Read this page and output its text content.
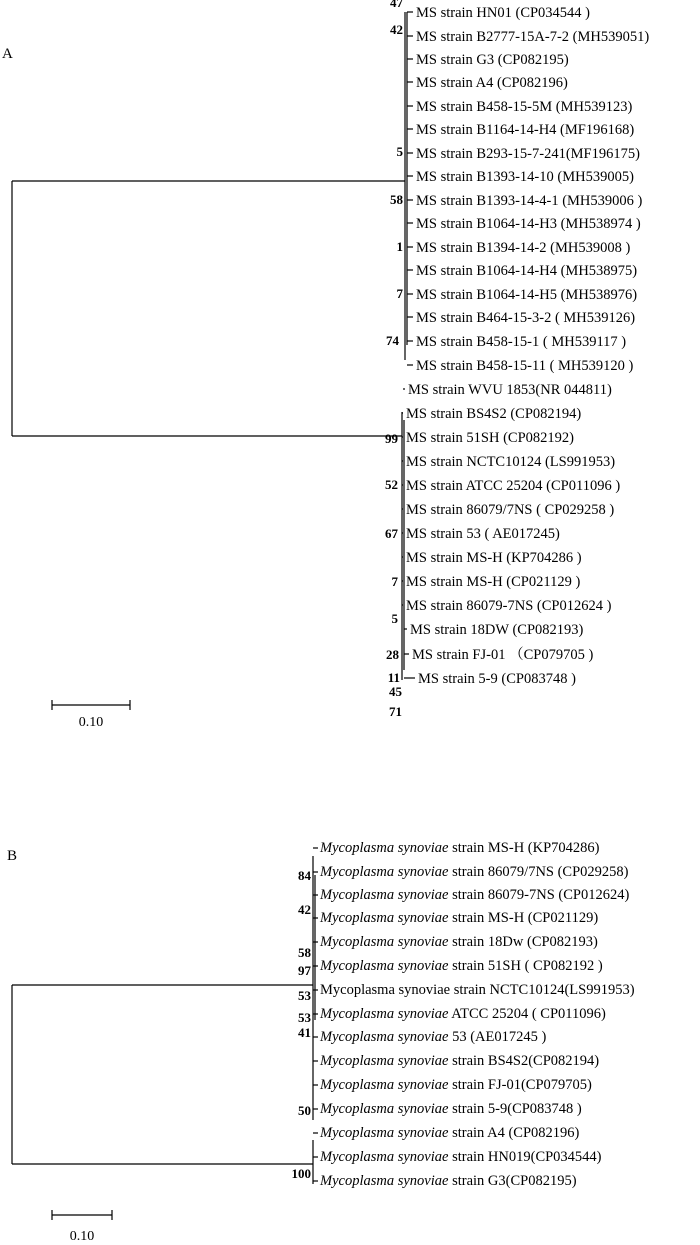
A
MS strain HN01 (CP034544 )
MS strain B2777-15A-7-2 (MH539051)
MS strain G3 (CP082195)
MS strain A4 (CP082196)
MS strain B458-15-5M (MH539123)
MS strain B1164-14-H4 (MF196168)
MS strain B293-15-7-241(MF196175)
MS strain B1393-14-10 (MH539005)
MS strain B1393-14-4-1 (MH539006 )
MS strain B1064-14-H3 (MH538974 )
MS strain B1394-14-2 (MH539008 )
MS strain B1064-14-H4 (MH538975)
MS strain B1064-14-H5 (MH538976)
MS strain B464-15-3-2 ( MH539126)
MS strain B458-15-1 ( MH539117 )
MS strain B458-15-11 ( MH539120 )
MS strain WVU 1853(NR 044811)
MS strain BS4S2 (CP082194)
MS strain 51SH (CP082192)
MS strain NCTC10124 (LS991953)
MS strain ATCC 25204 (CP011096 )
MS strain 86079/7NS ( CP029258 )
MS strain 53 ( AE017245)
MS strain MS-H (KP704286 )
MS strain MS-H (CP021129 )
MS strain 86079-7NS (CP012624 )
MS strain 18DW (CP082193)
MS strain FJ-01 （CP079705 )
MS strain 5-9 (CP083748 )
47
42
5
58
1
7
74
99
52
67
7
5
28
11
45
71
0.10
B	Mycoplasma synoviae strain MS-H (KP704286)
Mycoplasma synoviae strain 86079/7NS (CP029258)
Mycoplasma synoviae strain 86079-7NS (CP012624)
Mycoplasma synoviae strain MS-H (CP021129)
Mycoplasma synoviae strain 18Dw (CP082193)
Mycoplasma synoviae strain 51SH ( CP082192 )
Mycoplasma synoviae strain NCTC10124(LS991953)
Mycoplasma synoviae ATCC 25204 ( CP011096)
Mycoplasma synoviae 53 (AE017245 )
Mycoplasma synoviae strain BS4S2(CP082194)
Mycoplasma synoviae strain FJ-01(CP079705)
Mycoplasma synoviae strain 5-9(CP083748 )
Mycoplasma synoviae strain A4 (CP082196)
Mycoplasma synoviae strain HN019(CP034544)
Mycoplasma synoviae strain G3(CP082195)
84
42
58
97
53
53
41
50
100
0.10
